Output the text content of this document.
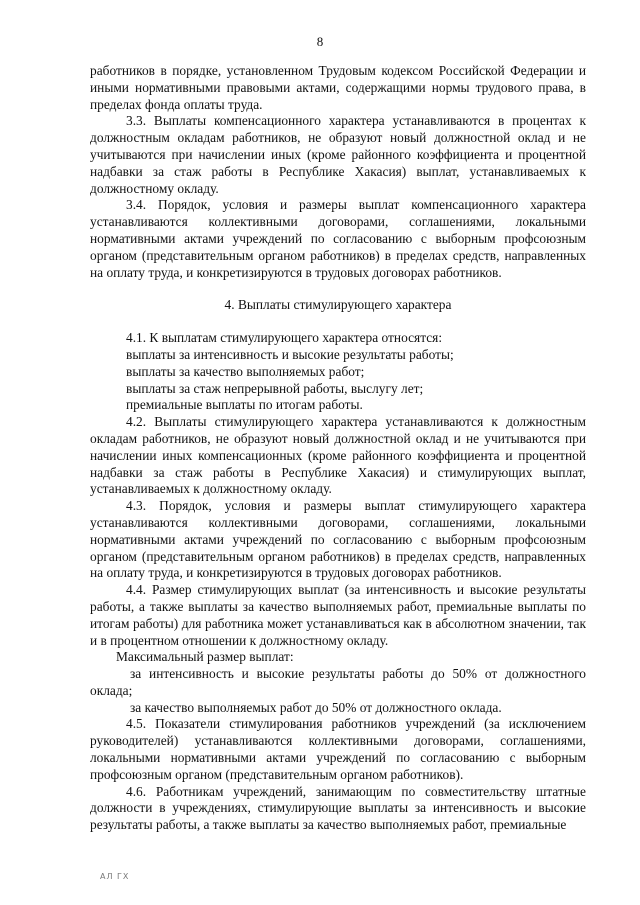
8

работников в порядке, установленном Трудовым кодексом Российской Федерации и иными нормативными правовыми актами, содержащими нормы трудового права, в пределах фонда оплаты труда.

3.3. Выплаты компенсационного характера устанавливаются в процентах к должностным окладам работников, не образуют новый должностной оклад и не учитываются при начислении иных (кроме районного коэффициента и процентной надбавки за стаж работы в Республике Хакасия) выплат, устанавливаемых к должностному окладу.

3.4. Порядок, условия и размеры выплат компенсационного характера устанавливаются коллективными договорами, соглашениями, локальными нормативными актами учреждений по согласованию с выборным профсоюзным органом (представительным органом работников) в пределах средств, направленных на оплату труда, и конкретизируются в трудовых договорах работников.

4. Выплаты стимулирующего характера

4.1. К выплатам стимулирующего характера относятся:

выплаты за интенсивность и высокие результаты работы;

выплаты за качество выполняемых работ;

выплаты за стаж непрерывной работы, выслугу лет;

премиальные выплаты по итогам работы.

4.2. Выплаты стимулирующего характера устанавливаются к должностным окладам работников, не образуют новый должностной оклад и не учитываются при начислении иных компенсационных (кроме районного коэффициента и процентной надбавки за стаж работы в Республике Хакасия) и стимулирующих выплат, устанавливаемых к должностному окладу.

4.3. Порядок, условия и размеры выплат стимулирующего характера устанавливаются коллективными договорами, соглашениями, локальными нормативными актами учреждений по согласованию с выборным профсоюзным органом (представительным органом работников) в пределах средств, направленных на оплату труда, и конкретизируются в трудовых договорах работников.

4.4. Размер стимулирующих выплат (за интенсивность и высокие результаты работы, а также выплаты за качество выполняемых работ, премиальные выплаты по итогам работы) для работника может устанавливаться как в абсолютном значении, так и в процентном отношении к должностному окладу.

Максимальный размер выплат:

за интенсивность и высокие результаты работы до 50% от должностного оклада;

за качество выполняемых работ до 50% от должностного оклада.

4.5. Показатели стимулирования работников учреждений (за исключением руководителей) устанавливаются коллективными договорами, соглашениями, локальными нормативными актами учреждений по согласованию с выборным профсоюзным органом (представительным органом работников).

4.6. Работникам учреждений, занимающим по совместительству штатные должности в учреждениях, стимулирующие выплаты за интенсивность и высокие результаты работы, а также выплаты за качество выполняемых работ, премиальные

АЛ ГХ
